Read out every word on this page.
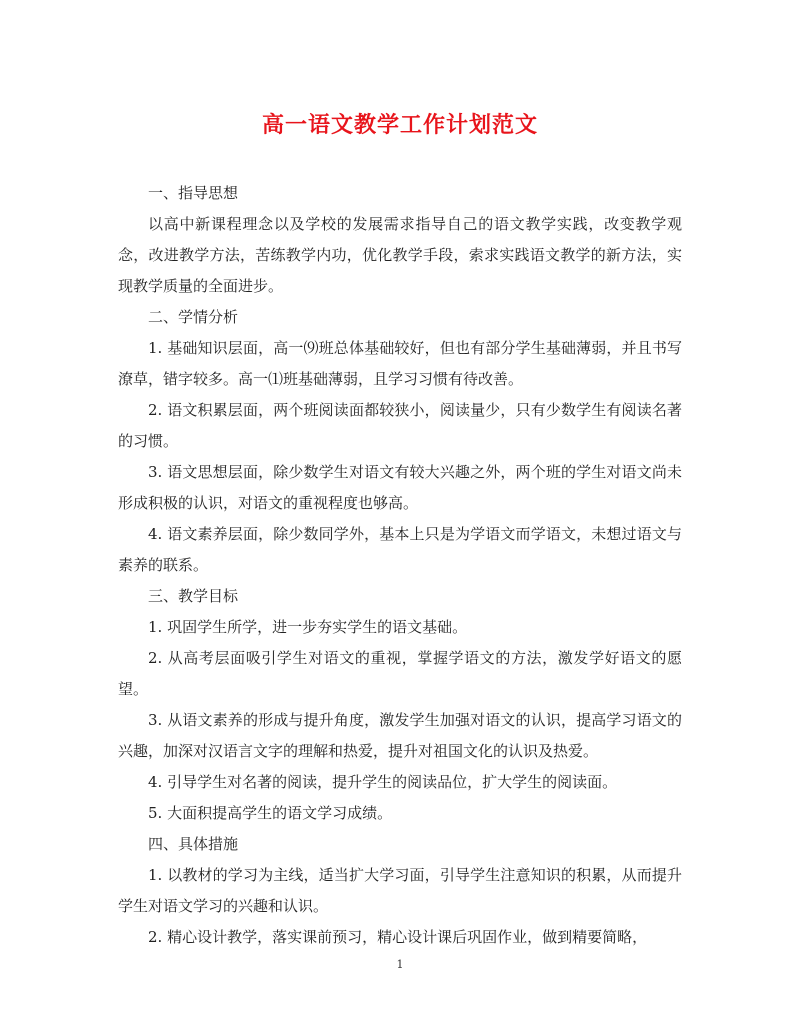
高一语文教学工作计划范文

一、指导思想

以高中新课程理念以及学校的发展需求指导自己的语文教学实践，改变教学观念，改进教学方法，苦练教学内功，优化教学手段，索求实践语文教学的新方法，实现教学质量的全面进步。

二、学情分析

1. 基础知识层面，高一⑼班总体基础较好，但也有部分学生基础薄弱，并且书写潦草，错字较多。高一⑴班基础薄弱，且学习习惯有待改善。

2. 语文积累层面，两个班阅读面都较狭小，阅读量少，只有少数学生有阅读名著的习惯。

3. 语文思想层面，除少数学生对语文有较大兴趣之外，两个班的学生对语文尚未形成积极的认识，对语文的重视程度也够高。

4. 语文素养层面，除少数同学外，基本上只是为学语文而学语文，未想过语文与素养的联系。

三、教学目标

1. 巩固学生所学，进一步夯实学生的语文基础。

2. 从高考层面吸引学生对语文的重视，掌握学语文的方法，激发学好语文的愿望。

3. 从语文素养的形成与提升角度，激发学生加强对语文的认识，提高学习语文的兴趣，加深对汉语言文字的理解和热爱，提升对祖国文化的认识及热爱。

4. 引导学生对名著的阅读，提升学生的阅读品位，扩大学生的阅读面。

5. 大面积提高学生的语文学习成绩。

四、具体措施

1. 以教材的学习为主线，适当扩大学习面，引导学生注意知识的积累，从而提升学生对语文学习的兴趣和认识。

2. 精心设计教学，落实课前预习，精心设计课后巩固作业，做到精要简略，

1
